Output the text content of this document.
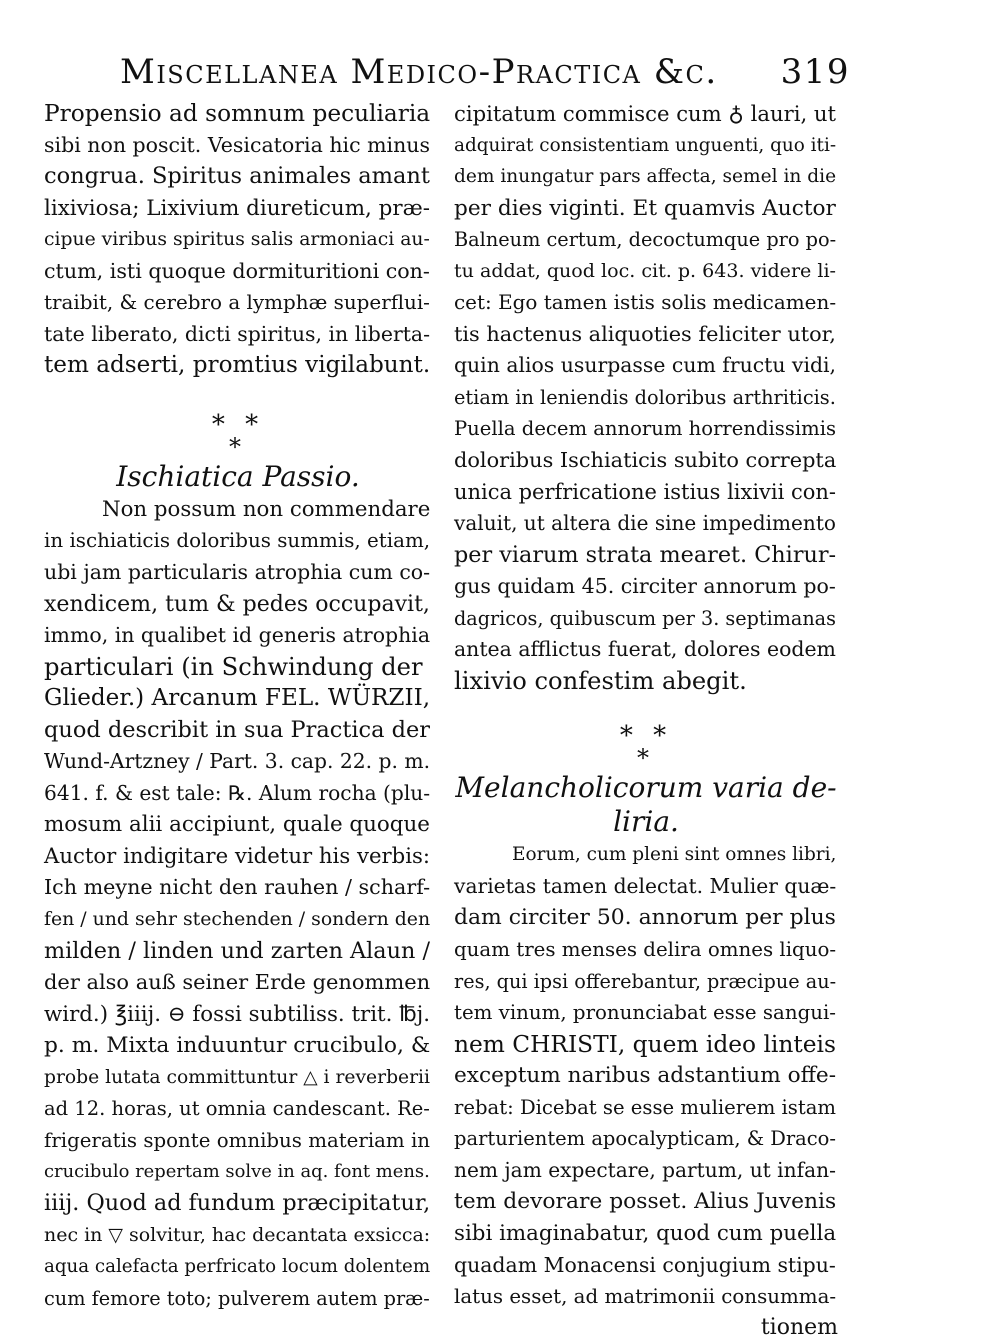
Miscellanea Medico-Practica &c. 319
Propensio ad somnum peculiaria
sibi non poscit. Vesicatoria hic minus
congrua. Spiritus animales amant
lixiviosa; Lixivium diureticum, præ-
cipue viribus spiritus salis armoniaci au-
ctum, isti quoque dormituritioni con-
traibit, & cerebro a lymphæ superflui-
tate liberato, dicti spiritus, in liberta-
tem adserti, promtius vigilabunt.
* *
*
Ischiatica Passio.
Non possum non commendare
in ischiaticis doloribus summis, etiam,
ubi jam particularis atrophia cum co-
xendicem, tum & pedes occupavit,
immo, in qualibet id generis atrophia
particulari (in Schwindung der
Glieder.) Arcanum FEL. WÜRZII,
quod describit in sua Practica der
Wund-Artzney / Part. 3. cap. 22. p. m.
641. f. & est tale: ℞. Alum rocha (plu-
mosum alii accipiunt, quale quoque
Auctor indigitare videtur his verbis:
Ich meyne nicht den rauhen / scharf-
fen / und sehr stechenden / sondern den
milden / linden und zarten Alaun /
der also auß seiner Erde genommen
wird.) ℥iiij. ⊖ fossi subtiliss. trit. ℔j.
p. m. Mixta induuntur crucibulo, &
probe lutata committuntur △ i reverberii
ad 12. horas, ut omnia candescant. Re-
frigeratis sponte omnibus materiam in
crucibulo repertam solve in aq. font mens.
iiij. Quod ad fundum præcipitatur,
nec in ▽ solvitur, hac decantata exsicca:
aqua calefacta perfricato locum dolentem
cum femore toto; pulverem autem præ-
cipitatum commisce cum ♁ lauri, ut
adquirat consistentiam unguenti, quo iti-
dem inungatur pars affecta, semel in die
per dies viginti. Et quamvis Auctor
Balneum certum, decoctumque pro po-
tu addat, quod loc. cit. p. 643. videre li-
cet: Ego tamen istis solis medicamen-
tis hactenus aliquoties feliciter utor,
quin alios usurpasse cum fructu vidi,
etiam in leniendis doloribus arthriticis.
Puella decem annorum horrendissimis
doloribus Ischiaticis subito correpta
unica perfricatione istius lixivii con-
valuit, ut altera die sine impedimento
per viarum strata mearet. Chirur-
gus quidam 45. circiter annorum po-
dagricos, quibuscum per 3. septimanas
antea afflictus fuerat, dolores eodem
lixivio confestim abegit.
* *
*
Melancholicorum varia de-
liria.
Eorum, cum pleni sint omnes libri,
varietas tamen delectat. Mulier quæ-
dam circiter 50. annorum per plus
quam tres menses delira omnes liquo-
res, qui ipsi offerebantur, præcipue au-
tem vinum, pronunciabat esse sangui-
nem CHRISTI, quem ideo linteis
exceptum naribus adstantium offe-
rebat: Dicebat se esse mulierem istam
parturientem apocalypticam, & Draco-
nem jam expectare, partum, ut infan-
tem devorare posset. Alius Juvenis
sibi imaginabatur, quod cum puella
quadam Monacensi conjugium stipu-
latus esset, ad matrimonii consumma-
tionem
